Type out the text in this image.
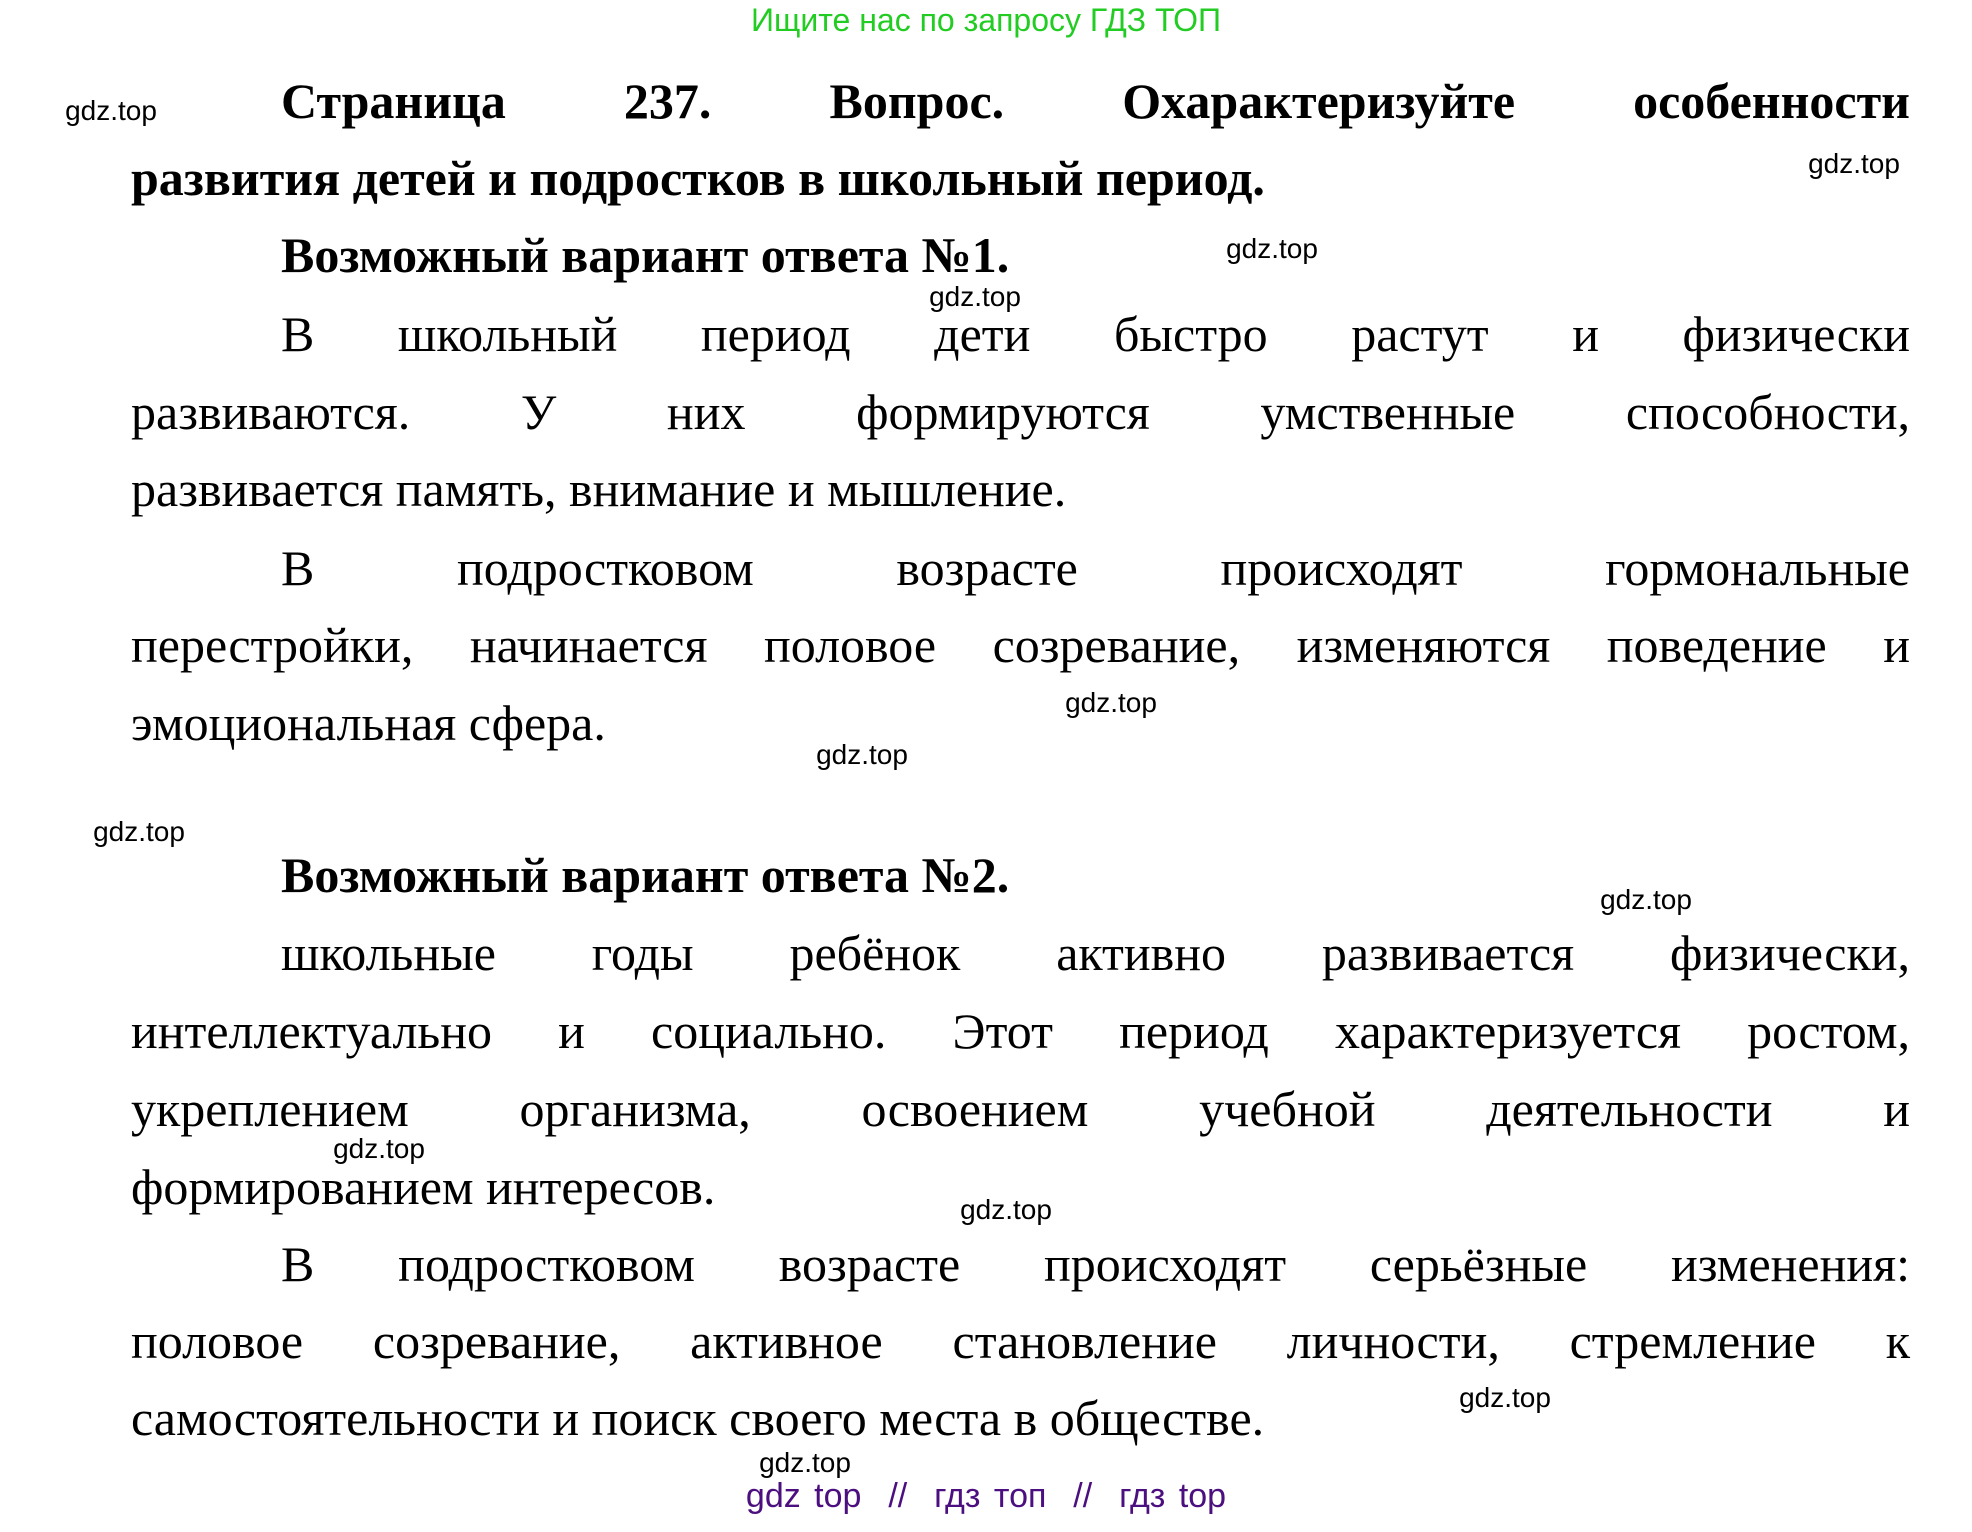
Ищите нас по запросу ГДЗ ТОП
Страница 237. Вопрос. Охарактеризуйте особенности
развития детей и подростков в школьный период.
Возможный вариант ответа №1.
В школьный период дети быстро растут и физически
развиваются. У них формируются умственные способности,
развивается память, внимание и мышление.
В подростковом возрасте происходят гормональные
перестройки, начинается половое созревание, изменяются поведение и
эмоциональная сфера.
Возможный вариант ответа №2.
школьные годы ребёнок активно развивается физически,
интеллектуально и социально. Этот период характеризуется ростом,
укреплением организма, освоением учебной деятельности и
формированием интересов.
В подростковом возрасте происходят серьёзные изменения:
половое созревание, активное становление личности, стремление к
самостоятельности и поиск своего места в обществе.
gdz.top
gdz.top
gdz.top
gdz.top
gdz.top
gdz.top
gdz.top
gdz.top
gdz.top
gdz.top
gdz.top
gdz.top
gdz top  //  гдз топ  //  гдз top
